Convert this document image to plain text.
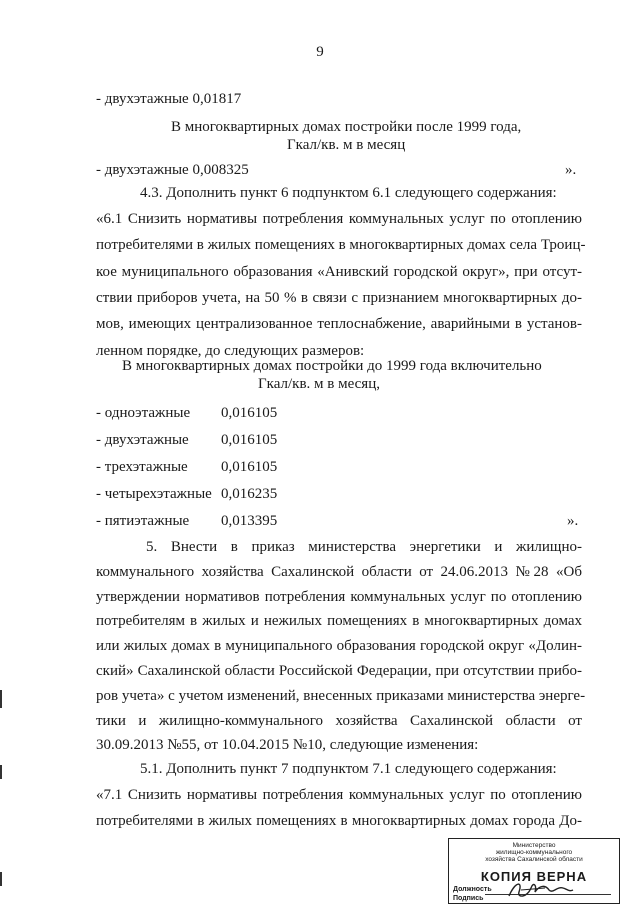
9
- двухэтажные 0,01817
В многоквартирных домах постройки после 1999 года,
Гкал/кв. м в месяц
- двухэтажные 0,008325	».
4.3. Дополнить пункт 6 подпунктом 6.1 следующего содержания:
«6.1 Снизить нормативы потребления коммунальных услуг по отоплению
потребителями в жилых помещениях в многоквартирных домах села Троиц-
кое муниципального образования «Анивский городской округ», при отсут-
ствии приборов учета, на 50 % в связи с признанием многоквартирных до-
мов, имеющих централизованное теплоснабжение, аварийными в установ-
ленном порядке, до следующих размеров:
В многоквартирных домах постройки до 1999 года включительно
Гкал/кв. м в месяц,
- одноэтажные 0,016105
- двухэтажные 0,016105
- трехэтажные 0,016105
- четырехэтажные 0,016235
- пятиэтажные 0,013395	».
5. Внести в приказ министерства энергетики и жилищно-
коммунального хозяйства Сахалинской области от 24.06.2013 №28 «Об
утверждении нормативов потребления коммунальных услуг по отоплению
потребителям в жилых и нежилых помещениях в многоквартирных домах
или жилых домах в муниципального образования городской округ «Долин-
ский» Сахалинской области Российской Федерации, при отсутствии прибо-
ров учета» с учетом изменений, внесенных приказами министерства энерге-
тики и жилищно-коммунального хозяйства Сахалинской области от
30.09.2013 №55, от 10.04.2015 №10, следующие изменения:
5.1. Дополнить пункт 7 подпунктом 7.1 следующего содержания:
«7.1 Снизить нормативы потребления коммунальных услуг по отоплению
потребителями в жилых помещениях в многоквартирных домах города До-
Министерство
жилищно-коммунального
хозяйства Сахалинской области
КОПИЯ ВЕРНА
Должность
Подпись
